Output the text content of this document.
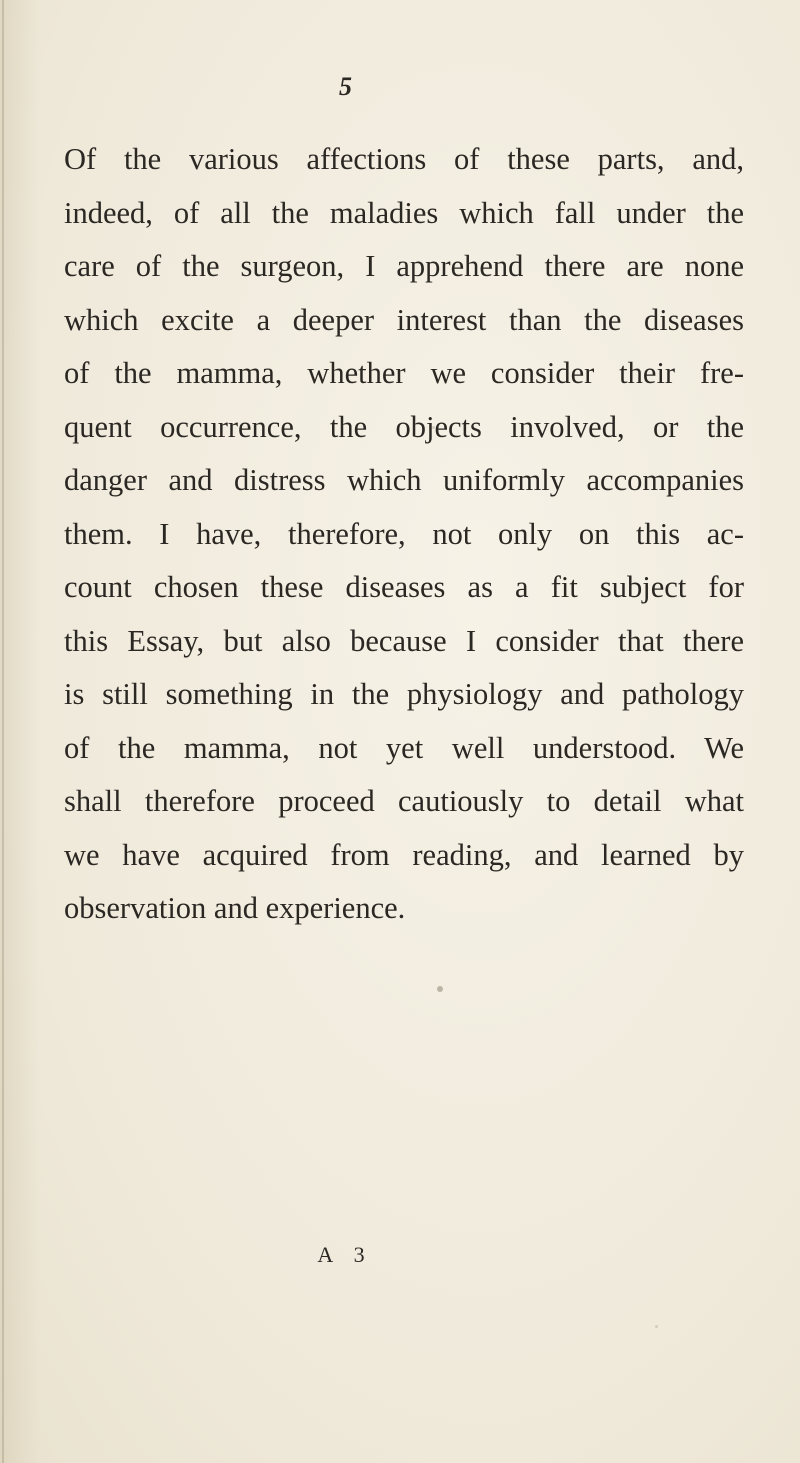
5
Of the various affections of these parts, and,
indeed, of all the maladies which fall under the
care of the surgeon, I apprehend there are none
which excite a deeper interest than the diseases
of the mamma, whether we consider their fre-
quent occurrence, the objects involved, or the
danger and distress which uniformly accompanies
them. I have, therefore, not only on this ac-
count chosen these diseases as a fit subject for
this Essay, but also because I consider that there
is still something in the physiology and pathology
of the mamma, not yet well understood. We
shall therefore proceed cautiously to detail what
we have acquired from reading, and learned by
observation and experience.
A 3
